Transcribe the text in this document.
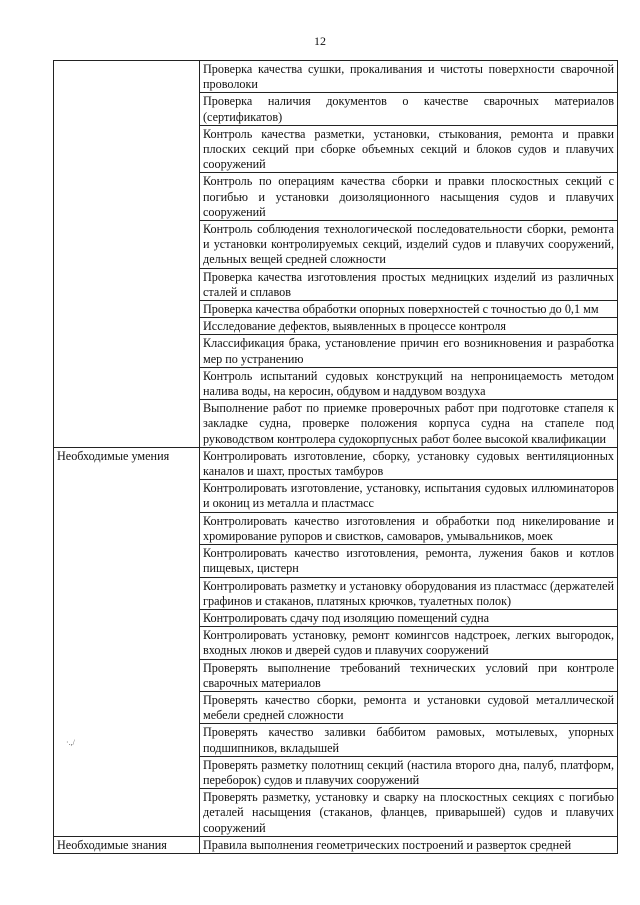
12
·.,/
	Проверка качества сушки, прокаливания и чистоты поверхности сварочной проволоки
	Проверка наличия документов о качестве сварочных материалов (сертификатов)
	Контроль качества разметки, установки, стыкования, ремонта и правки плоских секций при сборке объемных секций и блоков судов и плавучих сооружений
	Контроль по операциям качества сборки и правки плоскостных секций с погибью и установки доизоляционного насыщения судов и плавучих сооружений
	Контроль соблюдения технологической последовательности сборки, ремонта и установки контролируемых секций, изделий судов и плавучих сооружений, дельных вещей средней сложности
	Проверка качества изготовления простых медницких изделий из различных сталей и сплавов
	Проверка качества обработки опорных поверхностей с точностью до 0,1 мм
	Исследование дефектов, выявленных в процессе контроля
	Классификация брака, установление причин его возникновения и разработка мер по устранению
	Контроль испытаний судовых конструкций на непроницаемость методом налива воды, на керосин, обдувом и наддувом воздуха
	Выполнение работ по приемке проверочных работ при подготовке стапеля к закладке судна, проверке положения корпуса судна на стапеле под руководством контролера судокорпусных работ более высокой квалификации
Необходимые умения	Контролировать изготовление, сборку, установку судовых вентиляционных каналов и шахт, простых тамбуров
	Контролировать изготовление, установку, испытания судовых иллюминаторов и окониц из металла и пластмасс
	Контролировать качество изготовления и обработки под никелирование и хромирование рупоров и свистков, самоваров, умывальников, моек
	Контролировать качество изготовления, ремонта, лужения баков и котлов пищевых, цистерн
	Контролировать разметку и установку оборудования из пластмасс (держателей графинов и стаканов, платяных крючков, туалетных полок)
	Контролировать сдачу под изоляцию помещений судна
	Контролировать установку, ремонт комингсов надстроек, легких выгородок, входных люков и дверей судов и плавучих сооружений
	Проверять выполнение требований технических условий при контроле сварочных материалов
	Проверять качество сборки, ремонта и установки судовой металлической мебели средней сложности
	Проверять качество заливки баббитом рамовых, мотылевых, упорных подшипников, вкладышей
	Проверять разметку полотнищ секций (настила второго дна, палуб, платформ, переборок) судов и плавучих сооружений
	Проверять разметку, установку и сварку на плоскостных секциях с погибью деталей насыщения (стаканов, фланцев, приварышей) судов и плавучих сооружений
Необходимые знания	Правила выполнения геометрических построений и разверток средней
